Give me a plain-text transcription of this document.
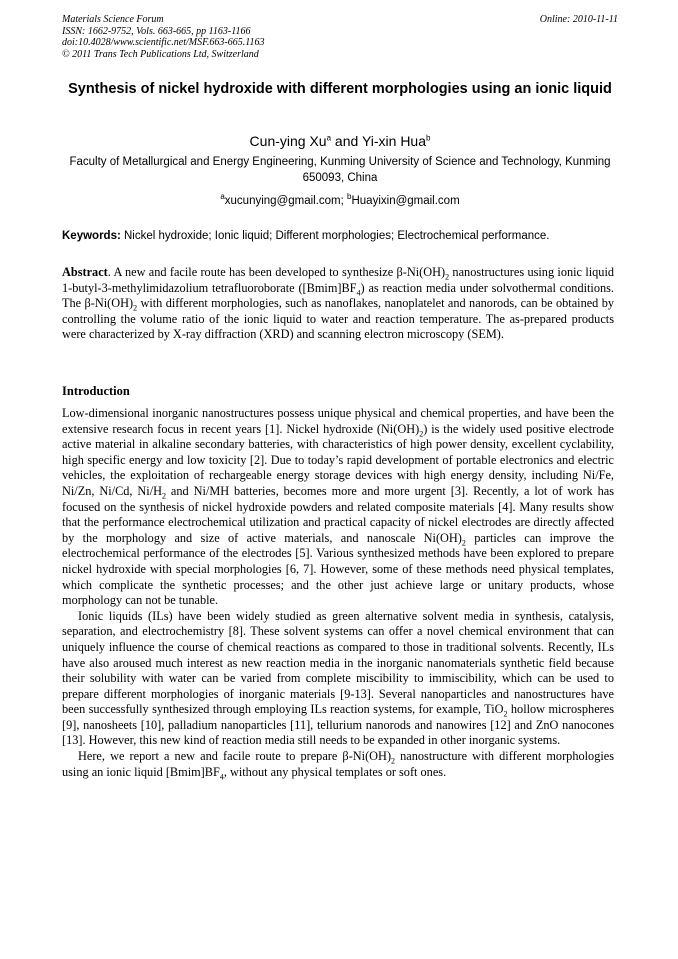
Materials Science Forum
ISSN: 1662-9752, Vols. 663-665, pp 1163-1166
doi:10.4028/www.scientific.net/MSF.663-665.1163
© 2011 Trans Tech Publications Ltd, Switzerland
Online: 2010-11-11
Synthesis of nickel hydroxide with different morphologies using an ionic liquid
Cun-ying Xu$^a$ and Yi-xin Hua$^b$
Faculty of Metallurgical and Energy Engineering, Kunming University of Science and Technology, Kunming 650093, China
$^a$xucunying@gmail.com; $^b$Huayixin@gmail.com
Keywords: Nickel hydroxide; Ionic liquid; Different morphologies; Electrochemical performance.
Abstract. A new and facile route has been developed to synthesize $\beta-Ni(OH)_2$ nanostructures using ionic liquid 1-butyl-3-methylimidazolium tetrafluoroborate $([Bmim]BF_4)$ as reaction media under solvothermal conditions. The $\beta-Ni(OH)_2$ with different morphologies, such as nanoflakes, nanoplatelet and nanorods, can be obtained by controlling the volume ratio of the ionic liquid to water and reaction temperature. The as-prepared products were characterized by X-ray diffraction (XRD) and scanning electron microscopy (SEM).
Introduction

Low-dimensional inorganic nanostructures possess unique physical and chemical properties, and have been the extensive research focus in recent years [1]. Nickel hydroxide $(Ni(OH)_2)$ is the widely used positive electrode active material in alkaline secondary batteries, with characteristics of high power density, excellent cyclability, high specific energy and low toxicity [2]. Due to today’s rapid development of portable electronics and electric vehicles, the exploitation of rechargeable energy storage devices with high energy density, including Ni/Fe, Ni/Zn, Ni/Cd, $Ni/H_2$ and Ni/MH batteries, becomes more and more urgent [3]. Recently, a lot of work has focused on the synthesis of nickel hydroxide powders and related composite materials [4]. Many results show that the performance electrochemical utilization and practical capacity of nickel electrodes are directly affected by the morphology and size of active materials, and nanoscale $Ni(OH)_2$ particles can improve the electrochemical performance of the electrodes [5]. Various synthesized methods have been explored to prepare nickel hydroxide with special morphologies [6, 7]. However, some of these methods need physical templates, which complicate the synthetic processes; and the other just achieve large or unitary products, whose morphology can not be tunable.

Ionic liquids (ILs) have been widely studied as green alternative solvent media in synthesis, catalysis, separation, and electrochemistry [8]. These solvent systems can offer a novel chemical environment that can uniquely influence the course of chemical reactions as compared to those in traditional solvents. Recently, ILs have also aroused much interest as new reaction media in the inorganic nanomaterials synthetic field because their solubility with water can be varied from complete miscibility to immiscibility, which can be used to prepare different morphologies of inorganic materials [9-13]. Several nanoparticles and nanostructures have been successfully synthesized through employing ILs reaction systems, for example, TiO$_2$ hollow microspheres [9], nanosheets [10], palladium nanoparticles [11], tellurium nanorods and nanowires [12] and ZnO nanocones [13]. However, this new kind of reaction media still needs to be expanded in other inorganic systems.

Here, we report a new and facile route to prepare $\beta-Ni(OH)_2$ nanostructure with different morphologies using an ionic liquid $[Bmim]BF_4$, without any physical templates or soft ones.
